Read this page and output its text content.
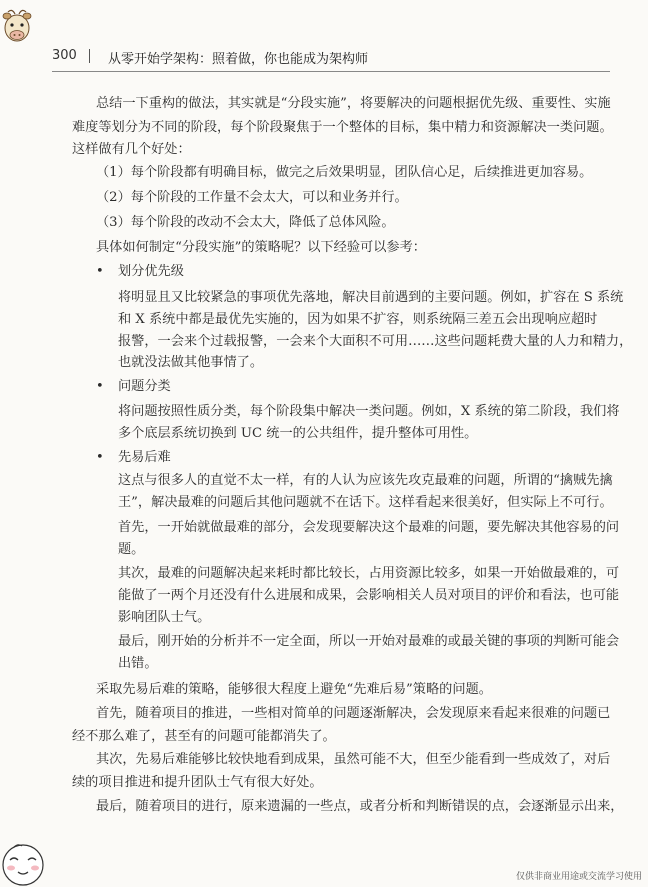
300 从零开始学架构：照着做，你也能成为架构师
总结一下重构的做法，其实就是“分段实施”，将要解决的问题根据优先级、重要性、实施
难度等划分为不同的阶段，每个阶段聚焦于一个整体的目标，集中精力和资源解决一类问题。
这样做有几个好处：
（1）每个阶段都有明确目标，做完之后效果明显，团队信心足，后续推进更加容易。
（2）每个阶段的工作量不会太大，可以和业务并行。
（3）每个阶段的改动不会太大，降低了总体风险。
具体如何制定“分段实施”的策略呢？以下经验可以参考：
• 划分优先级
将明显且又比较紧急的事项优先落地，解决目前遇到的主要问题。例如，扩容在 S 系统
和 X 系统中都是最优先实施的，因为如果不扩容，则系统隔三差五会出现响应超时
报警，一会来个过载报警，一会来个大面积不可用……这些问题耗费大量的人力和精力，
也就没法做其他事情了。
• 问题分类
将问题按照性质分类，每个阶段集中解决一类问题。例如，X 系统的第二阶段，我们将
多个底层系统切换到 UC 统一的公共组件，提升整体可用性。
• 先易后难
这点与很多人的直觉不太一样，有的人认为应该先攻克最难的问题，所谓的“擒贼先擒
王”，解决最难的问题后其他问题就不在话下。这样看起来很美好，但实际上不可行。
首先，一开始就做最难的部分，会发现要解决这个最难的问题，要先解决其他容易的问
题。
其次，最难的问题解决起来耗时都比较长，占用资源比较多，如果一开始做最难的，可
能做了一两个月还没有什么进展和成果，会影响相关人员对项目的评价和看法，也可能
影响团队士气。
最后，刚开始的分析并不一定全面，所以一开始对最难的或最关键的事项的判断可能会
出错。
采取先易后难的策略，能够很大程度上避免“先难后易”策略的问题。
首先，随着项目的推进，一些相对简单的问题逐渐解决，会发现原来看起来很难的问题已
经不那么难了，甚至有的问题可能都消失了。
其次，先易后难能够比较快地看到成果，虽然可能不大，但至少能看到一些成效了，对后
续的项目推进和提升团队士气有很大好处。
最后，随着项目的进行，原来遗漏的一些点，或者分析和判断错误的点，会逐渐显示出来，
仅供非商业用途或交流学习使用
